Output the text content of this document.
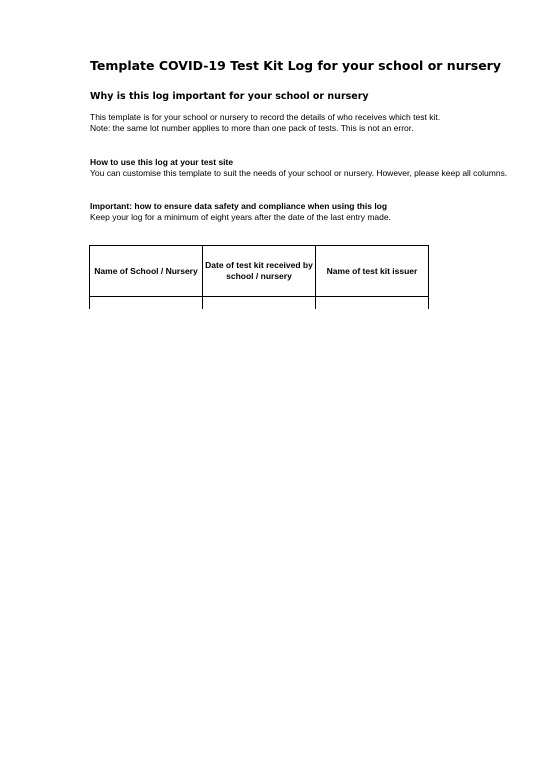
Template COVID-19 Test Kit Log for your school or nursery
Why is this log important for your school or nursery
This template is for your school or nursery to record the details of who receives which test kit.
Note: the same lot number applies to more than one pack of tests. This is not an error.
How to use this log at your test site
You can customise this template to suit the needs of your school or nursery. However, please keep all columns.
Important: how to ensure data safety and compliance when using this log
Keep your log for a minimum of eight years after the date of the last entry made.
Name of School / Nursery	Date of test kit received by school / nursery	Name of test kit issuer
